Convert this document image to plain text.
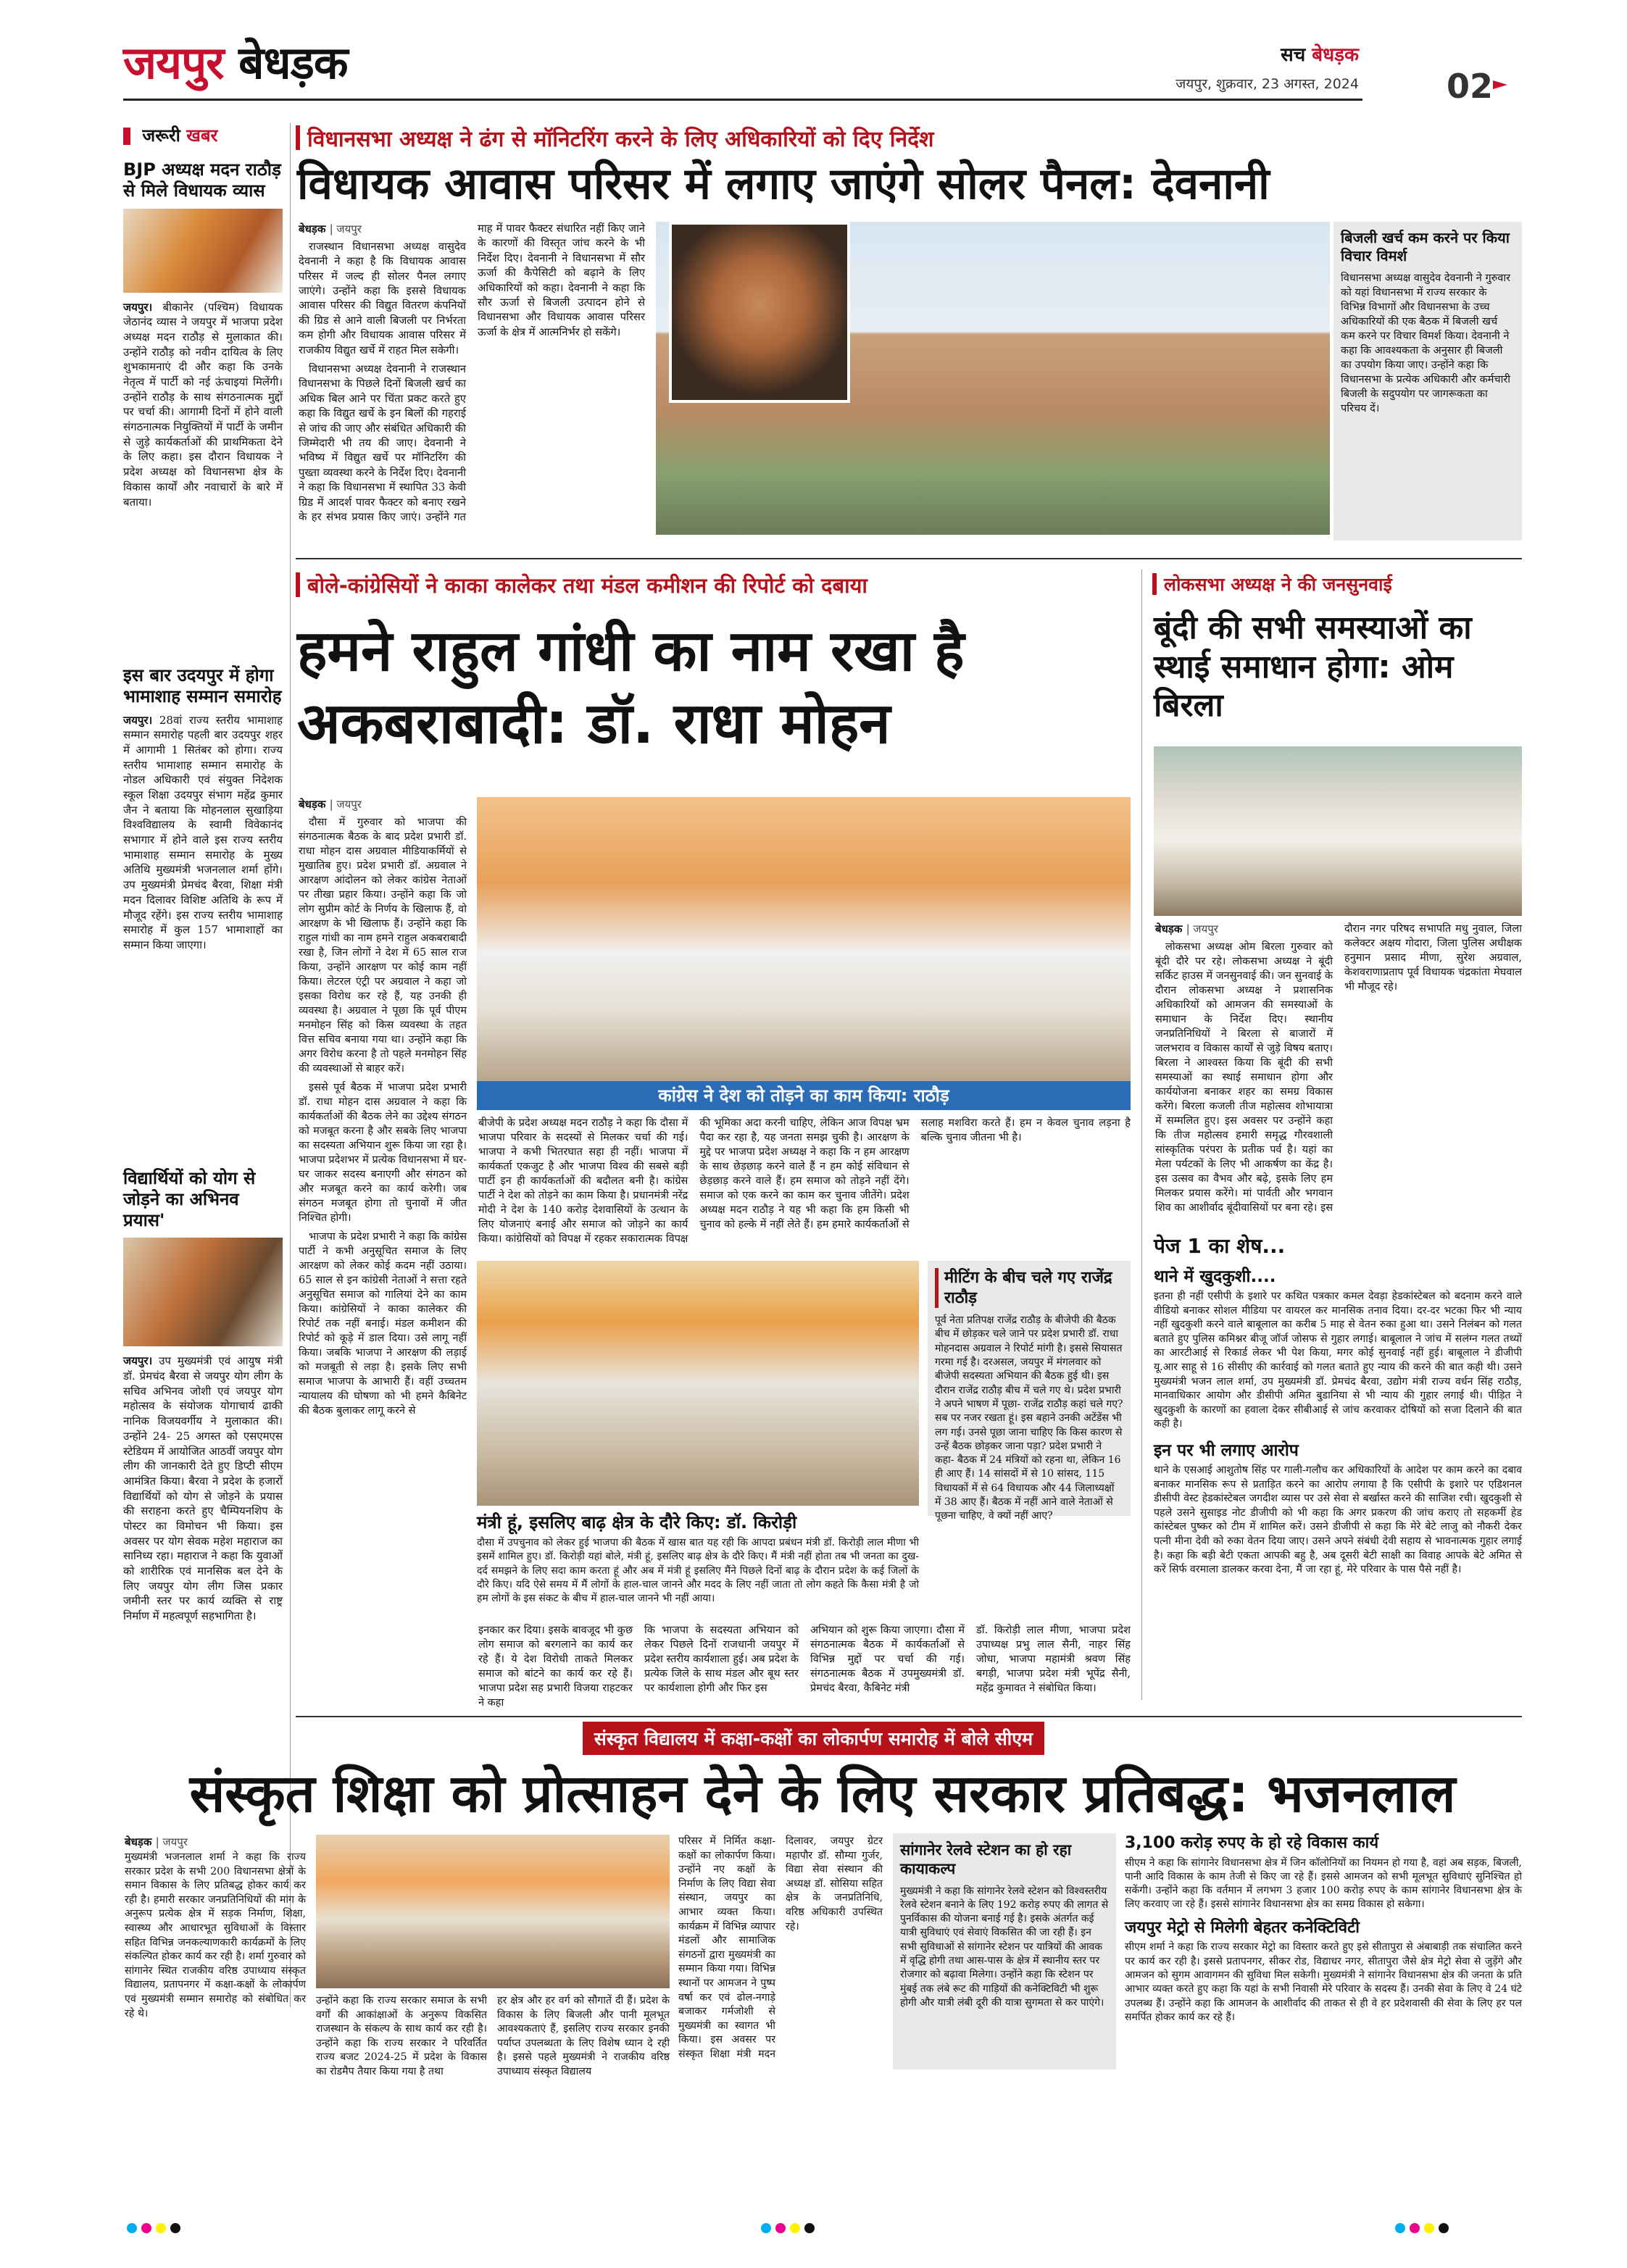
जयपुर बेधड़क	सच बेधड़क
जयपुर, शुक्रवार, 23 अगस्त, 2024	02
जरूरी खबर
BJP अध्यक्ष मदन राठौड़ से मिले विधायक व्यास
जयपुर। बीकानेर (पश्चिम) विधायक जेठानंद व्यास ने जयपुर में भाजपा प्रदेश अध्यक्ष मदन राठौड़ से मुलाकात की। उन्होंने राठौड़ को नवीन दायित्व के लिए शुभकामनाएं दी और कहा कि उनके नेतृत्व में पार्टी को नई ऊंचाइयां मिलेंगी। उन्होंने राठौड़ के साथ संगठनात्मक मुद्दों पर चर्चा की। आगामी दिनों में होने वाली संगठनात्मक नियुक्तियों में पार्टी के जमीन से जुड़े कार्यकर्ताओं की प्राथमिकता देने के लिए कहा। इस दौरान विधायक ने प्रदेश अध्यक्ष को विधानसभा क्षेत्र के विकास कार्यों और नवाचारों के बारे में बताया।
इस बार उदयपुर में होगा भामाशाह सम्मान समारोह
जयपुर। 28वां राज्य स्तरीय भामाशाह सम्मान समारोह पहली बार उदयपुर शहर में आगामी 1 सितंबर को होगा। राज्य स्तरीय भामाशाह सम्मान समारोह के नोडल अधिकारी एवं संयुक्त निदेशक स्कूल शिक्षा उदयपुर संभाग महेंद्र कुमार जैन ने बताया कि मोहनलाल सुखाड़िया विश्वविद्यालय के स्वामी विवेकानंद सभागार में होने वाले इस राज्य स्तरीय भामाशाह सम्मान समारोह के मुख्य अतिथि मुख्यमंत्री भजनलाल शर्मा होंगे। उप मुख्यमंत्री प्रेमचंद बैरवा, शिक्षा मंत्री मदन दिलावर विशिष्ट अतिथि के रूप में मौजूद रहेंगे। इस राज्य स्तरीय भामाशाह समारोह में कुल 157 भामाशाहों का सम्मान किया जाएगा।
विद्यार्थियों को योग से जोड़ने का अभिनव प्रयास'
जयपुर। उप मुख्यमंत्री एवं आयुष मंत्री डॉ. प्रेमचंद बैरवा से जयपुर योग लीग के सचिव अभिनव जोशी एवं जयपुर योग महोत्सव के संयोजक योगाचार्य ढाकी नानिक विजयवर्गीय ने मुलाकात की। उन्होंने 24- 25 अगस्त को एसएमएस स्टेडियम में आयोजित आठवीं जयपुर योग लीग की जानकारी देते हुए डिप्टी सीएम आमंत्रित किया। बैरवा ने प्रदेश के हजारों विद्यार्थियों को योग से जोड़ने के प्रयास की सराहना करते हुए चैम्पियनशिप के पोस्टर का विमोचन भी किया। इस अवसर पर योग सेवक महेश महाराज का सानिध्य रहा। महाराज ने कहा कि युवाओं को शारीरिक एवं मानसिक बल देने के लिए जयपुर योग लीग जिस प्रकार जमीनी स्तर पर कार्य व्यक्ति से राष्ट्र निर्माण में महत्वपूर्ण सहभागिता है।
विधानसभा अध्यक्ष ने ढंग से मॉनिटरिंग करने के लिए अधिकारियों को दिए निर्देश
विधायक आवास परिसर में लगाए जाएंगे सोलर पैनल: देवनानी
बेधड़क | जयपुर

राजस्थान विधानसभा अध्यक्ष वासुदेव देवनानी ने कहा है कि विधायक आवास परिसर में जल्द ही सोलर पैनल लगाए जाएंगे। उन्होंने कहा कि इससे विधायक आवास परिसर की विद्युत वितरण कंपनियों की ग्रिड से आने वाली बिजली पर निर्भरता कम होगी और विधायक आवास परिसर में राजकीय विद्युत खर्चे में राहत मिल सकेगी।

विधानसभा अध्यक्ष देवनानी ने राजस्थान विधानसभा के पिछले दिनों बिजली खर्च का अधिक बिल आने पर चिंता प्रकट करते हुए कहा कि विद्युत खर्चे के इन बिलों की गहराई से जांच की जाए और संबंधित अधिकारी की जिम्मेदारी भी तय की जाए। देवनानी ने भविष्य में विद्युत खर्चे पर मॉनिटरिंग की पुख्ता व्यवस्था करने के निर्देश दिए। देवनानी ने कहा कि विधानसभा में स्थापित 33 केवी ग्रिड में आदर्श पावर फैक्टर को बनाए रखने के हर संभव प्रयास किए जाएं। उन्होंने गत माह में पावर फैक्टर संधारित नहीं किए जाने के कारणों की विस्तृत जांच करने के भी निर्देश दिए। देवनानी ने विधानसभा में सौर ऊर्जा की कैपेसिटी को बढ़ाने के लिए अधिकारियों को कहा। देवनानी ने कहा कि सौर ऊर्जा से बिजली उत्पादन होने से विधानसभा और विधायक आवास परिसर ऊर्जा के क्षेत्र में आत्मनिर्भर हो सकेंगे।

बिजली खर्च कम करने पर किया विचार विमर्श
विधानसभा अध्यक्ष वासुदेव देवनानी ने गुरुवार को यहां विधानसभा में राज्य सरकार के विभिन्न विभागों और विधानसभा के उच्च अधिकारियों की एक बैठक में बिजली खर्च कम करने पर विचार विमर्श किया। देवनानी ने कहा कि आवश्यकता के अनुसार ही बिजली का उपयोग किया जाए। उन्होंने कहा कि विधानसभा के प्रत्येक अधिकारी और कर्मचारी बिजली के सदुपयोग पर जागरूकता का परिचय दें।
बोले-कांग्रेसियों ने काका कालेकर तथा मंडल कमीशन की रिपोर्ट को दबाया
हमने राहुल गांधी का नाम रखा है अकबराबादी: डॉ. राधा मोहन
बेधड़क | जयपुर

दौसा में गुरुवार को भाजपा की संगठनात्मक बैठक के बाद प्रदेश प्रभारी डॉ. राधा मोहन दास अग्रवाल मीडियाकर्मियों से मुखातिब हुए। प्रदेश प्रभारी डॉ. अग्रवाल ने आरक्षण आंदोलन को लेकर कांग्रेस नेताओं पर तीखा प्रहार किया। उन्होंने कहा कि जो लोग सुप्रीम कोर्ट के निर्णय के खिलाफ हैं, वो आरक्षण के भी खिलाफ हैं। उन्होंने कहा कि राहुल गांधी का नाम हमने राहुल अकबराबादी रखा है, जिन लोगों ने देश में 65 साल राज किया, उन्होंने आरक्षण पर कोई काम नहीं किया। लेटरल एंट्री पर अग्रवाल ने कहा जो इसका विरोध कर रहे हैं, यह उनकी ही व्यवस्था है। अग्रवाल ने पूछा कि पूर्व पीएम मनमोहन सिंह को किस व्यवस्था के तहत वित्त सचिव बनाया गया था। उन्होंने कहा कि अगर विरोध करना है तो पहले मनमोहन सिंह की व्यवस्थाओं से बाहर करें।

इससे पूर्व बैठक में भाजपा प्रदेश प्रभारी डॉ. राधा मोहन दास अग्रवाल ने कहा कि कार्यकर्ताओं की बैठक लेने का उद्देश्य संगठन को मजबूत करना है और सबके लिए भाजपा का सदस्यता अभियान शुरू किया जा रहा है। भाजपा प्रदेशभर में प्रत्येक विधानसभा में घर-घर जाकर सदस्य बनाएगी और संगठन को और मजबूत करने का कार्य करेगी। जब संगठन मजबूत होगा तो चुनावों में जीत निश्चित होगी।

भाजपा के प्रदेश प्रभारी ने कहा कि कांग्रेस पार्टी ने कभी अनुसूचित समाज के लिए आरक्षण को लेकर कोई कदम नहीं उठाया। 65 साल से इन कांग्रेसी नेताओं ने सत्ता रहते अनुसूचित समाज को गालियां देने का काम किया। कांग्रेसियों ने काका कालेकर की रिपोर्ट तक नहीं बनाई। मंडल कमीशन की रिपोर्ट को कूड़े में डाल दिया। उसे लागू नहीं किया। जबकि भाजपा ने आरक्षण की लड़ाई को मजबूती से लड़ा है। इसके लिए सभी समाज भाजपा के आभारी हैं। वहीं उच्चतम न्यायालय की घोषणा को भी हमने कैबिनेट की बैठक बुलाकर लागू करने से

कांग्रेस ने देश को तोड़ने का काम किया: राठौड़
बीजेपी के प्रदेश अध्यक्ष मदन राठौड़ ने कहा कि दौसा में भाजपा परिवार के सदस्यों से मिलकर चर्चा की गई। भाजपा ने कभी भितरघात सहा ही नहीं। भाजपा में कार्यकर्ता एकजुट है और भाजपा विश्व की सबसे बड़ी पार्टी इन ही कार्यकर्ताओं की बदौलत बनी है। कांग्रेस पार्टी ने देश को तोड़ने का काम किया है। प्रधानमंत्री नरेंद्र मोदी ने देश के 140 करोड़ देशवासियों के उत्थान के लिए योजनाएं बनाई और समाज को जोड़ने का कार्य किया। कांग्रेसियों को विपक्ष में रहकर सकारात्मक विपक्ष की भूमिका अदा करनी चाहिए, लेकिन आज विपक्ष भ्रम पैदा कर रहा है, यह जनता समझ चुकी है। आरक्षण के मुद्दे पर भाजपा प्रदेश अध्यक्ष ने कहा कि न हम आरक्षण के साथ छेड़छाड़ करने वाले हैं न हम कोई संविधान से छेड़छाड़ करने वाले हैं। हम समाज को तोड़ने नहीं देंगे। समाज को एक करने का काम कर चुनाव जीतेंगे। प्रदेश अध्यक्ष मदन राठौड़ ने यह भी कहा कि हम किसी भी चुनाव को हल्के में नहीं लेते हैं। हम हमारे कार्यकर्ताओं से सलाह मशविरा करते हैं। हम न केवल चुनाव लड़ना है बल्कि चुनाव जीतना भी है।
मीटिंग के बीच चले गए राजेंद्र राठौड़
पूर्व नेता प्रतिपक्ष राजेंद्र राठौड़ के बीजेपी की बैठक बीच में छोड़कर चले जाने पर प्रदेश प्रभारी डॉ. राधा मोहनदास अग्रवाल ने रिपोर्ट मांगी है। इससे सियासत गरमा गई है। दरअसल, जयपुर में मंगलवार को बीजेपी सदस्यता अभियान की बैठक हुई थी। इस दौरान राजेंद्र राठौड़ बीच में चले गए थे। प्रदेश प्रभारी ने अपने भाषण में पूछा- राजेंद्र राठौड़ कहां चले गए? सब पर नजर रखता हूं। इस बहाने उनकी अटेंडेंस भी लग गई। उनसे पूछा जाना चाहिए कि किस कारण से उन्हें बैठक छोड़कर जाना पड़ा? प्रदेश प्रभारी ने कहा- बैठक में 24 मंत्रियों को रहना था, लेकिन 16 ही आए हैं। 14 सांसदों में से 10 सांसद, 115 विधायकों में से 64 विधायक और 44 जिलाध्यक्षों में 38 आए हैं। बैठक में नहीं आने वाले नेताओं से पूछना चाहिए, वे क्यों नहीं आए?
मंत्री हूं, इसलिए बाढ़ क्षेत्र के दौरे किए: डॉ. किरोड़ी
दौसा में उपचुनाव को लेकर हुई भाजपा की बैठक में खास बात यह रही कि आपदा प्रबंधन मंत्री डॉ. किरोड़ी लाल मीणा भी इसमें शामिल हुए। डॉ. किरोड़ी यहां बोले, मंत्री हूं, इसलिए बाढ़ क्षेत्र के दौरे किए। मैं मंत्री नहीं होता तब भी जनता का दुख-दर्द समझने के लिए सदा काम करता हूं और अब में मंत्री हूं इसलिए मैंने पिछले दिनों बाढ़ के दौरान प्रदेश के कई जिलों के दौरे किए। यदि ऐसे समय में मैं लोगों के हाल-चाल जानने और मदद के लिए नहीं जाता तो लोग कहते कि कैसा मंत्री है जो हम लोगों के इस संकट के बीच में हाल-चाल जानने भी नहीं आया।
इनकार कर दिया। इसके बावजूद भी कुछ लोग समाज को बरगलाने का कार्य कर रहे हैं। ये देश विरोधी ताकते मिलकर समाज को बांटने का कार्य कर रहे हैं। भाजपा प्रदेश सह प्रभारी विजया राहटकर ने कहा
कि भाजपा के सदस्यता अभियान को लेकर पिछले दिनों राजधानी जयपुर में प्रदेश स्तरीय कार्यशाला हुई। अब प्रदेश के प्रत्येक जिले के साथ मंडल और बूथ स्तर पर कार्यशाला होगी और फिर इस
अभियान को शुरू किया जाएगा। दौसा में संगठनात्मक बैठक में कार्यकर्ताओं से विभिन्न मुद्दों पर चर्चा की गई। संगठनात्मक बैठक में उपमुख्यमंत्री डॉ. प्रेमचंद बैरवा, कैबिनेट मंत्री
डॉ. किरोड़ी लाल मीणा, भाजपा प्रदेश उपाध्यक्ष प्रभु लाल सैनी, नाहर सिंह जोधा, भाजपा महामंत्री श्रवण सिंह बगड़ी, भाजपा प्रदेश मंत्री भूपेंद्र सैनी, महेंद्र कुमावत ने संबोधित किया।
लोकसभा अध्यक्ष ने की जनसुनवाई
बूंदी की सभी समस्याओं का स्थाई समाधान होगा: ओम बिरला
बेधड़क | जयपुर

लोकसभा अध्यक्ष ओम बिरला गुरुवार को बूंदी दौरे पर रहे। लोकसभा अध्यक्ष ने बूंदी सर्किट हाउस में जनसुनवाई की। जन सुनवाई के दौरान लोकसभा अध्यक्ष ने प्रशासनिक अधिकारियों को आमजन की समस्याओं के समाधान के निर्देश दिए। स्थानीय जनप्रतिनिधियों ने बिरला से बाजारों में जलभराव व विकास कार्यों से जुड़े विषय बताए। बिरला ने आश्वस्त किया कि बूंदी की सभी समस्याओं का स्थाई समाधान होगा और कार्ययोजना बनाकर शहर का समग्र विकास करेंगे। बिरला कजली तीज महोत्सव शोभायात्रा में सम्मलित हुए। इस अवसर पर उन्होंने कहा कि तीज महोत्सव हमारी समृद्ध गौरवशाली सांस्कृतिक परंपरा के प्रतीक पर्व है। यहां का मेला पर्यटकों के लिए भी आकर्षण का केंद्र है। इस उत्सव का वैभव और बढ़े, इसके लिए हम मिलकर प्रयास करेंगे। मां पार्वती और भगवान शिव का आशीर्वाद बूंदीवासियों पर बना रहे। इस दौरान नगर परिषद सभापति मधु नुवाल, जिला कलेक्टर अक्षय गोदारा, जिला पुलिस अधीक्षक हनुमान प्रसाद मीणा, सुरेश अग्रवाल, केशवराणाप्रताप पूर्व विधायक चंद्रकांता मेघवाल भी मौजूद रहे।

पेज 1 का शेष...
थाने में खुदकुशी....
इतना ही नहीं एसीपी के इशारे पर कथित पत्रकार कमल देवड़ा हेडकांस्टेबल को बदनाम करने वाले वीडियो बनाकर सोशल मीडिया पर वायरल कर मानसिक तनाव दिया। दर-दर भटका फिर भी न्याय नहीं खुदकुशी करने वाले बाबूलाल का करीब 5 माह से वेतन रुका हुआ था। उसने निलंबन को गलत बताते हुए पुलिस कमिश्नर बीजू जॉर्ज जोसफ से गुहार लगाई। बाबूलाल ने जांच में सलंग्न गलत तथ्यों का आरटीआई से रिकार्ड लेकर भी पेश किया, मगर कोई सुनवाई नहीं हुई। बाबूलाल ने डीजीपी यू.आर साहू से 16 सीसीए की कार्रवाई को गलत बताते हुए न्याय की करने की बात कही थी। उसने मुख्यमंत्री भजन लाल शर्मा, उप मुख्यमंत्री डॉ. प्रेमचंद बैरवा, उद्योग मंत्री राज्य वर्धन सिंह राठौड़, मानवाधिकार आयोग और डीसीपी अमित बुडानिया से भी न्याय की गुहार लगाई थी। पीड़ित ने खुदकुशी के कारणों का हवाला देकर सीबीआई से जांच करवाकर दोषियों को सजा दिलाने की बात कही है।
इन पर भी लगाए आरोप
थाने के एसआई आशुतोष सिंह पर गाली-गलौच कर अधिकारियों के आदेश पर काम करने का दबाव बनाकर मानसिक रूप से प्रताड़ित करने का आरोप लगाया है कि एसीपी के इशारे पर एडिशनल डीसीपी वेस्ट हेडकांस्टेबल जगदीश व्यास पर उसे सेवा से बर्खास्त करने की साजिश रची। खुदकुशी से पहले उसने सुसाइड नोट डीजीपी को भी कहा कि अगर प्रकरण की जांच कराए तो सहकर्मी हेड कांस्टेबल पुष्कर को टीम में शामिल करें। उसने डीजीपी से कहा कि मेरे बेटे लाजु को नौकरी देकर पत्नी मीना देवी को रुका वेतन दिया जाए। उसने अपने संबंधी देवी सहाय से भावनात्मक गुहार लगाई है। कहा कि बड़ी बेटी एकता आपकी बहु है, अब दूसरी बेटी साक्षी का विवाह आपके बेटे अमित से करें सिर्फ वरमाला डालकर करवा देना, मैं जा रहा हूं, मेरे परिवार के पास पैसे नहीं है।
संस्कृत विद्यालय में कक्षा-कक्षों का लोकार्पण समारोह में बोले सीएम
संस्कृत शिक्षा को प्रोत्साहन देने के लिए सरकार प्रतिबद्ध: भजनलाल
बेधड़क | जयपुर
मुख्यमंत्री भजनलाल शर्मा ने कहा कि राज्य सरकार प्रदेश के सभी 200 विधानसभा क्षेत्रों के समान विकास के लिए प्रतिबद्ध होकर कार्य कर रही है। हमारी सरकार जनप्रतिनिधियों की मांग के अनुरूप प्रत्येक क्षेत्र में सड़क निर्माण, शिक्षा, स्वास्थ्य और आधारभूत सुविधाओं के विस्तार सहित विभिन्न जनकल्याणकारी कार्यक्रमों के लिए संकल्पित होकर कार्य कर रही है। शर्मा गुरुवार को सांगानेर स्थित राजकीय वरिष्ठ उपाध्याय संस्कृत विद्यालय, प्रतापनगर में कक्षा-कक्षों के लोकार्पण एवं मुख्यमंत्री सम्मान समारोह को संबोधित कर रहे थे।
उन्होंने कहा कि राज्य सरकार समाज के सभी वर्गों की आकांक्षाओं के अनुरूप विकसित राजस्थान के संकल्प के साथ कार्य कर रही है। उन्होंने कहा कि राज्य सरकार ने परिवर्तित राज्य बजट 2024-25 में प्रदेश के विकास का रोडमैप तैयार किया गया है तथा
हर क्षेत्र और हर वर्ग को सौगातें दी हैं। प्रदेश के विकास के लिए बिजली और पानी मूलभूत आवश्यकताएं हैं, इसलिए राज्य सरकार इनकी पर्याप्त उपलब्धता के लिए विशेष ध्यान दे रही है। इससे पहले मुख्यमंत्री ने राजकीय वरिष्ठ उपाध्याय संस्कृत विद्यालय
परिसर में निर्मित कक्षा-कक्षों का लोकार्पण किया। उन्होंने नए कक्षों के निर्माण के लिए विद्या सेवा संस्थान, जयपुर का आभार व्यक्त किया। कार्यक्रम में विभिन्न व्यापार मंडलों और सामाजिक संगठनों द्वारा मुख्यमंत्री का सम्मान किया गया। विभिन्न स्थानों पर आमजन ने पुष्प वर्षा कर एवं ढोल-नगाड़े बजाकर गर्मजोशी से मुख्यमंत्री का स्वागत भी किया। इस अवसर पर संस्कृत शिक्षा मंत्री मदन दिलावर, जयपुर ग्रेटर महापौर डॉ. सौम्या गुर्जर, विद्या सेवा संस्थान की अध्यक्ष डॉ. सोसिया सहित क्षेत्र के जनप्रतिनिधि, वरिष्ठ अधिकारी उपस्थित रहे।
सांगानेर रेलवे स्टेशन का हो रहा कायाकल्प
मुख्यमंत्री ने कहा कि सांगानेर रेलवे स्टेशन को विश्वस्तरीय रेलवे स्टेशन बनाने के लिए 192 करोड़ रुपए की लागत से पुनर्विकास की योजना बनाई गई है। इसके अंतर्गत कई यात्री सुविधाएं एवं सेवाएं विकसित की जा रही हैं। इन सभी सुविधाओं से सांगानेर स्टेशन पर यात्रियों की आवक में वृद्धि होगी तथा आस-पास के क्षेत्र में स्थानीय स्तर पर रोजगार को बढ़ावा मिलेगा। उन्होंने कहा कि स्टेशन पर मुंबई तक लंबे रूट की गाड़ियों की कनेक्टिविटी भी शुरू होगी और यात्री लंबी दूरी की यात्रा सुगमता से कर पाएंगे।
3,100 करोड़ रुपए के हो रहे विकास कार्य
सीएम ने कहा कि सांगानेर विधानसभा क्षेत्र में जिन कॉलोनियों का नियमन हो गया है, वहां अब सड़क, बिजली, पानी आदि विकास के काम तेजी से किए जा रहे हैं। इससे आमजन को सभी मूलभूत सुविधाएं सुनिश्चित हो सकेंगी। उन्होंने कहा कि वर्तमान में लगभग 3 हजार 100 करोड़ रुपए के काम सांगानेर विधानसभा क्षेत्र के लिए करवाए जा रहे हैं। इससे सांगानेर विधानसभा क्षेत्र का समग्र विकास हो सकेगा।
जयपुर मेट्रो से मिलेगी बेहतर कनेक्टिविटी
सीएम शर्मा ने कहा कि राज्य सरकार मेट्रो का विस्तार करते हुए इसे सीतापुरा से अंबाबाड़ी तक संचालित करने पर कार्य कर रही है। इससे प्रतापनगर, सीकर रोड, विद्याधर नगर, सीतापुरा जैसे क्षेत्र मेट्रो सेवा से जुड़ेंगे और आमजन को सुगम आवागमन की सुविधा मिल सकेगी। मुख्यमंत्री ने सांगानेर विधानसभा क्षेत्र की जनता के प्रति आभार व्यक्त करते हुए कहा कि यहां के सभी निवासी मेरे परिवार के सदस्य हैं। उनकी सेवा के लिए वे 24 घंटे उपलब्ध हैं। उन्होंने कहा कि आमजन के आशीर्वाद की ताकत से ही वे हर प्रदेशवासी की सेवा के लिए हर पल समर्पित होकर कार्य कर रहे हैं।
